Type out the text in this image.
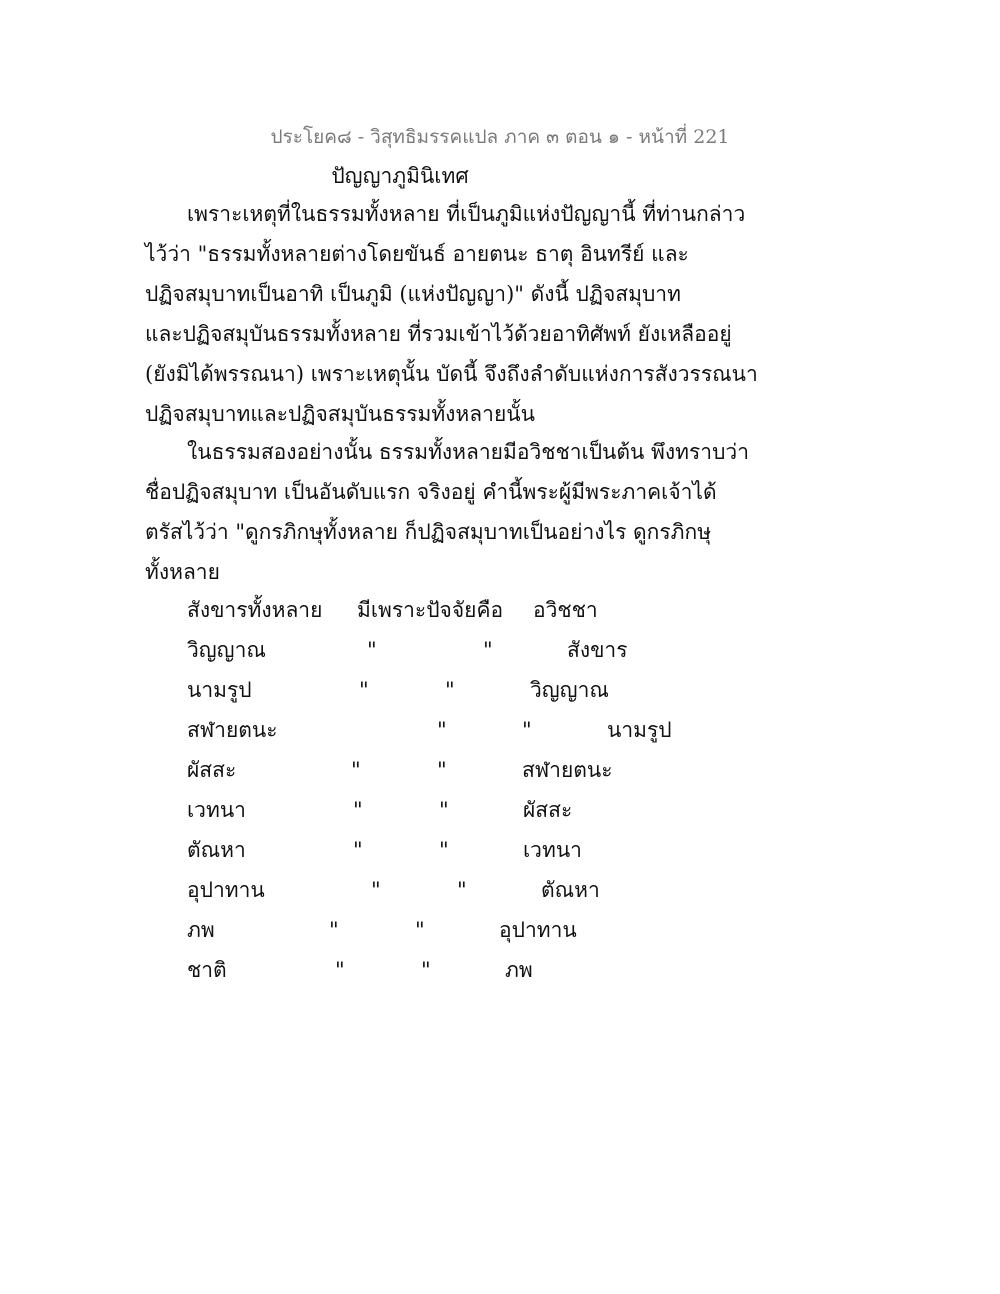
ประโยค๘ - วิสุทธิมรรคแปล ภาค ๓ ตอน ๑ - หน้าที่ 221
ปัญญาภูมินิเทศ
เพราะเหตุที่ในธรรมทั้งหลาย ที่เป็นภูมิแห่งปัญญานี้ ที่ท่านกล่าว
ไว้ว่า "ธรรมทั้งหลายต่างโดยขันธ์ อายตนะ ธาตุ อินทรีย์ และ
ปฏิจสมุบาทเป็นอาทิ เป็นภูมิ (แห่งปัญญา)" ดังนี้ ปฏิจสมุบาท
และปฏิจสมุบันธรรมทั้งหลาย ที่รวมเข้าไว้ด้วยอาทิศัพท์ ยังเหลืออยู่
(ยังมิได้พรรณนา) เพราะเหตุนั้น บัดนี้ จึงถึงลำดับแห่งการสังวรรณนา
ปฏิจสมุบาทและปฏิจสมุบันธรรมทั้งหลายนั้น
ในธรรมสองอย่างนั้น ธรรมทั้งหลายมีอวิชชาเป็นต้น พึงทราบว่า
ชื่อปฏิจสมุบาท เป็นอันดับแรก จริงอยู่ คำนี้พระผู้มีพระภาคเจ้าได้
ตรัสไว้ว่า "ดูกรภิกษุทั้งหลาย ก็ปฏิจสมุบาทเป็นอย่างไร ดูกรภิกษุ
ทั้งหลาย
สังขารทั้งหลาย มีเพราะปัจจัยคือ อวิชชา
วิญญาณ	"	"	สังขาร
นามรูป	"	"	วิญญาณ
สฬายตนะ	"	"	นามรูป
ผัสสะ	"	"	สฬายตนะ
เวทนา	"	"	ผัสสะ
ตัณหา	"	"	เวทนา
อุปาทาน	"	"	ตัณหา
ภพ	"	"	อุปาทาน
ชาติ	"	"	ภพ
